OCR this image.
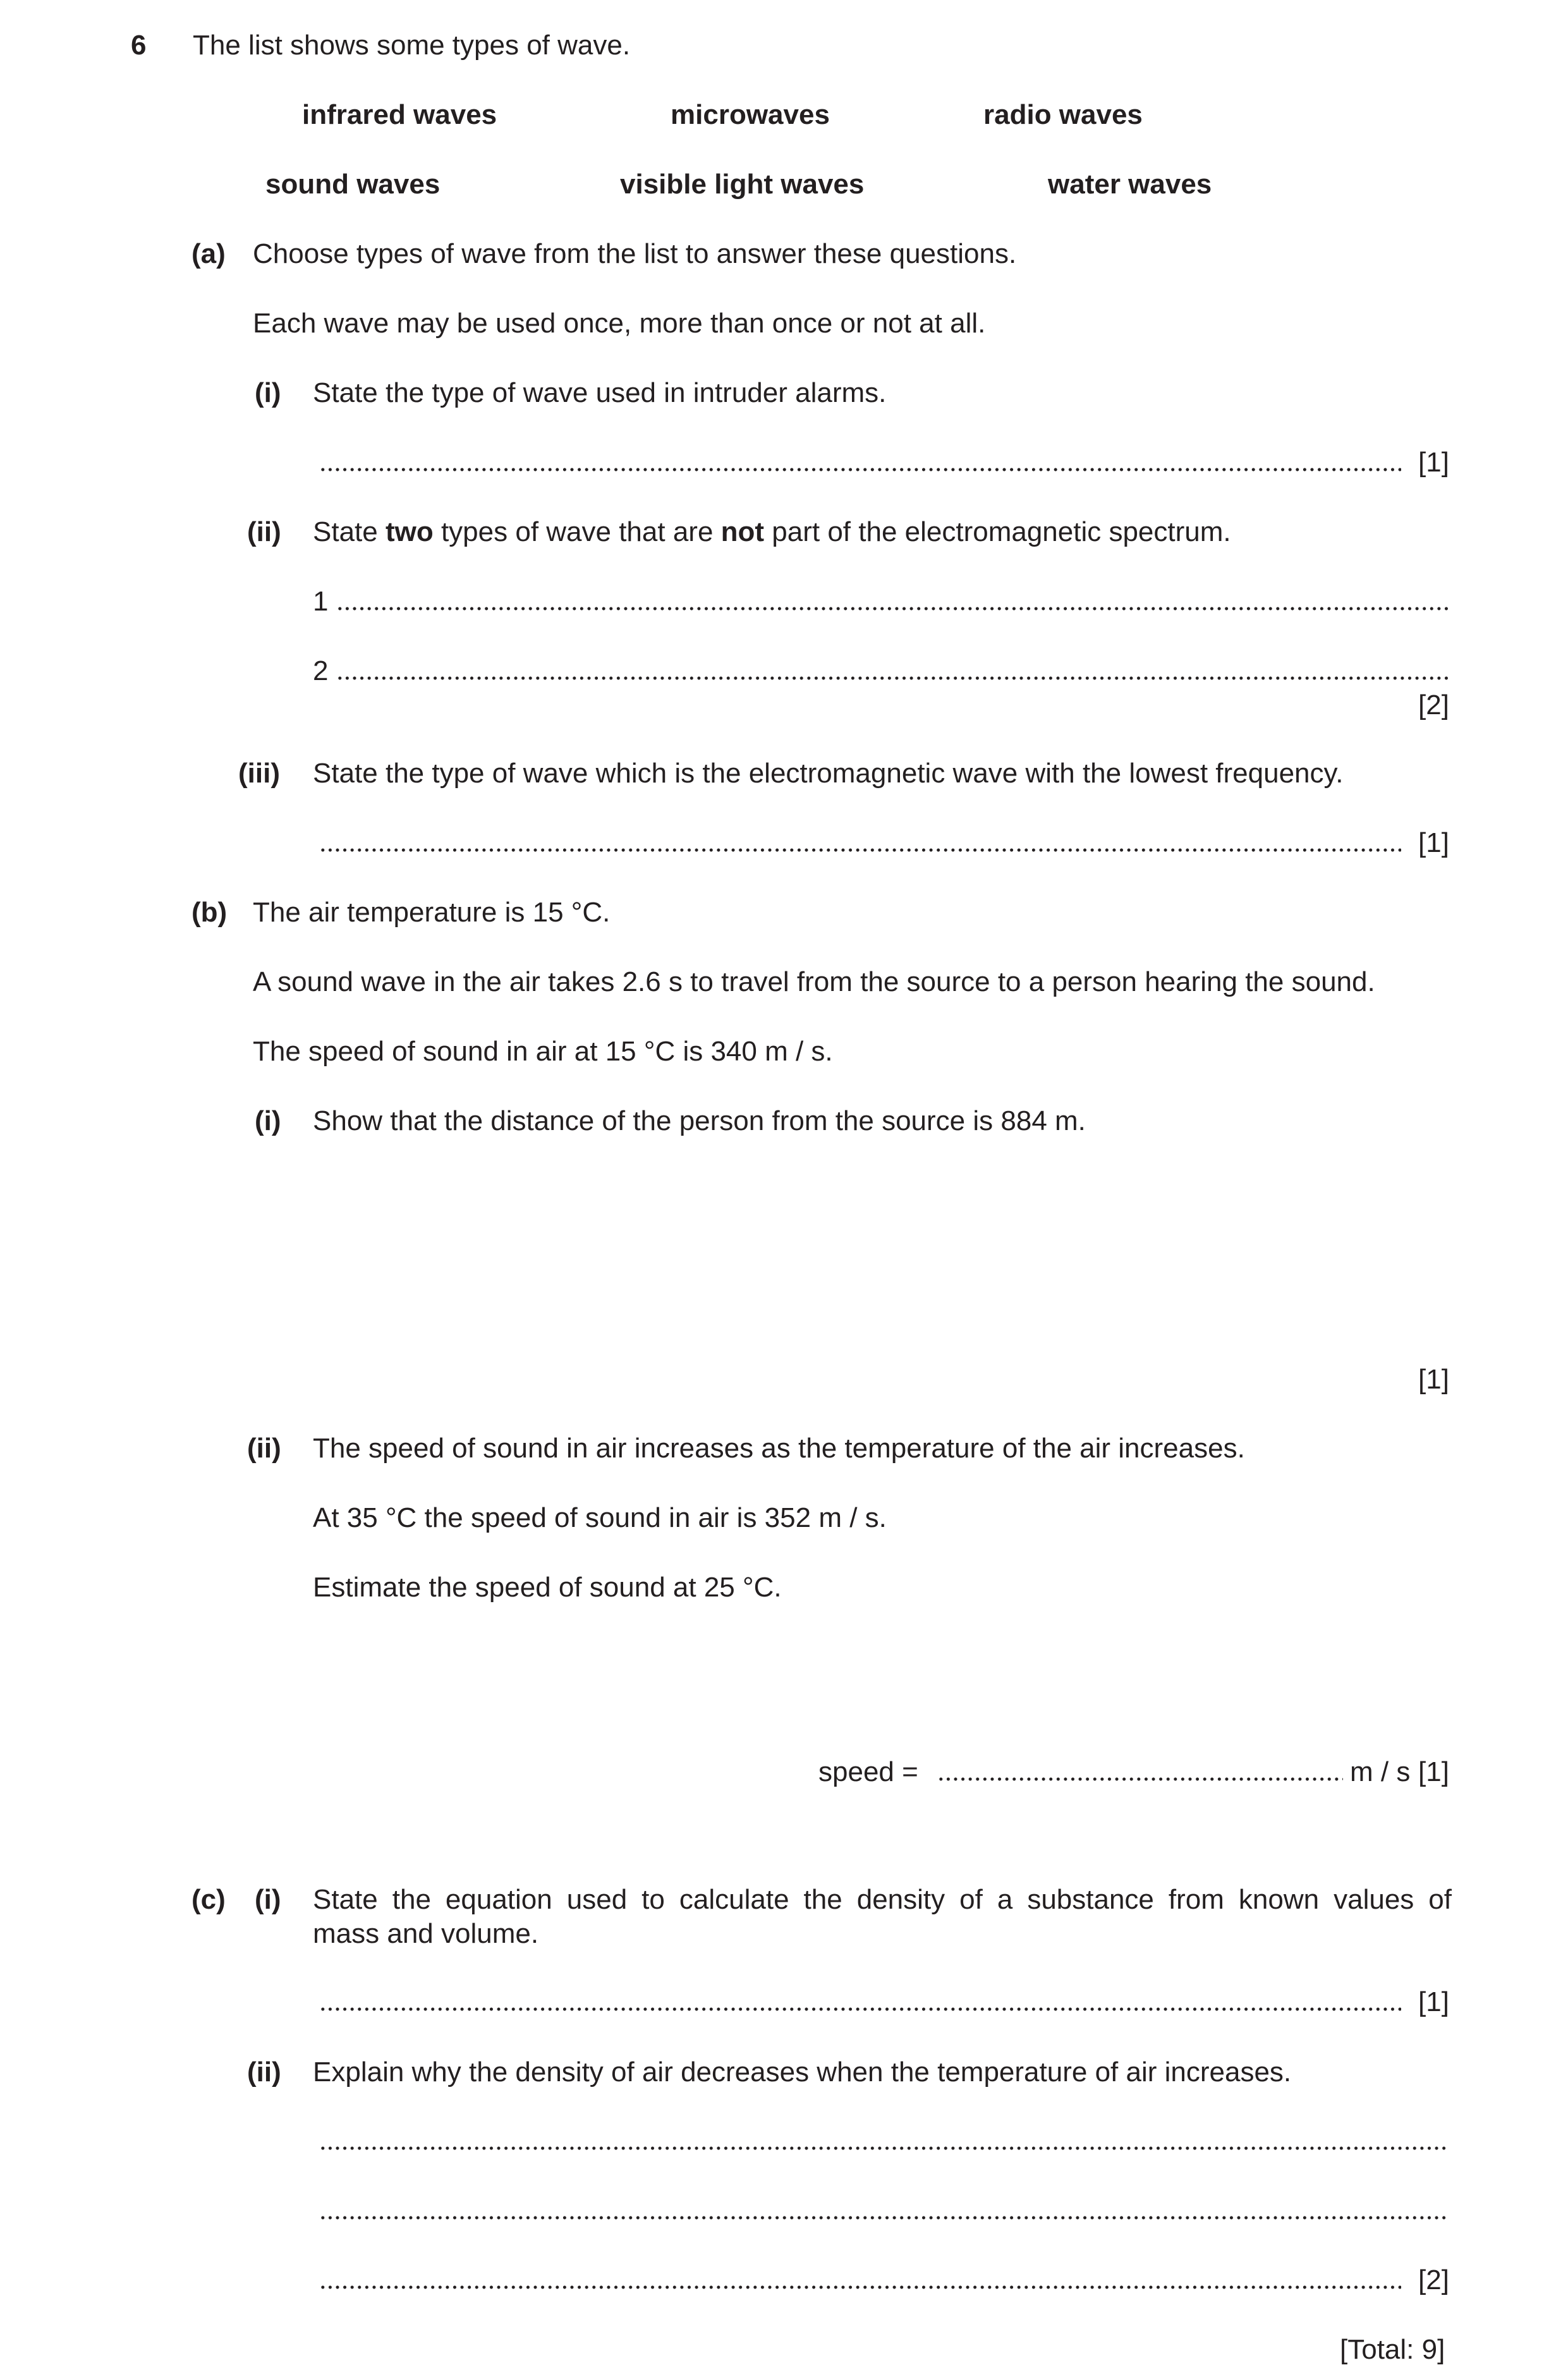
6 The list shows some types of wave.
infrared waves	microwaves	radio waves
sound waves	visible light waves	water waves
(a) Choose types of wave from the list to answer these questions.
Each wave may be used once, more than once or not at all.
(i) State the type of wave used in intruder alarms.
[1]
(ii) State two types of wave that are not part of the electromagnetic spectrum.
1
2
[2]
(iii) State the type of wave which is the electromagnetic wave with the lowest frequency.
[1]
(b) The air temperature is 15 °C.
A sound wave in the air takes 2.6 s to travel from the source to a person hearing the sound.
The speed of sound in air at 15 °C is 340 m / s.
(i) Show that the distance of the person from the source is 884 m.
[1]
(ii) The speed of sound in air increases as the temperature of the air increases.
At 35 °C the speed of sound in air is 352 m / s.
Estimate the speed of sound at 25 °C.
speed =	m / s [1]
(c) (i) State the equation used to calculate the density of a substance from known values of
mass and volume.
[1]
(ii) Explain why the density of air decreases when the temperature of air increases.
[2]
[Total: 9]
